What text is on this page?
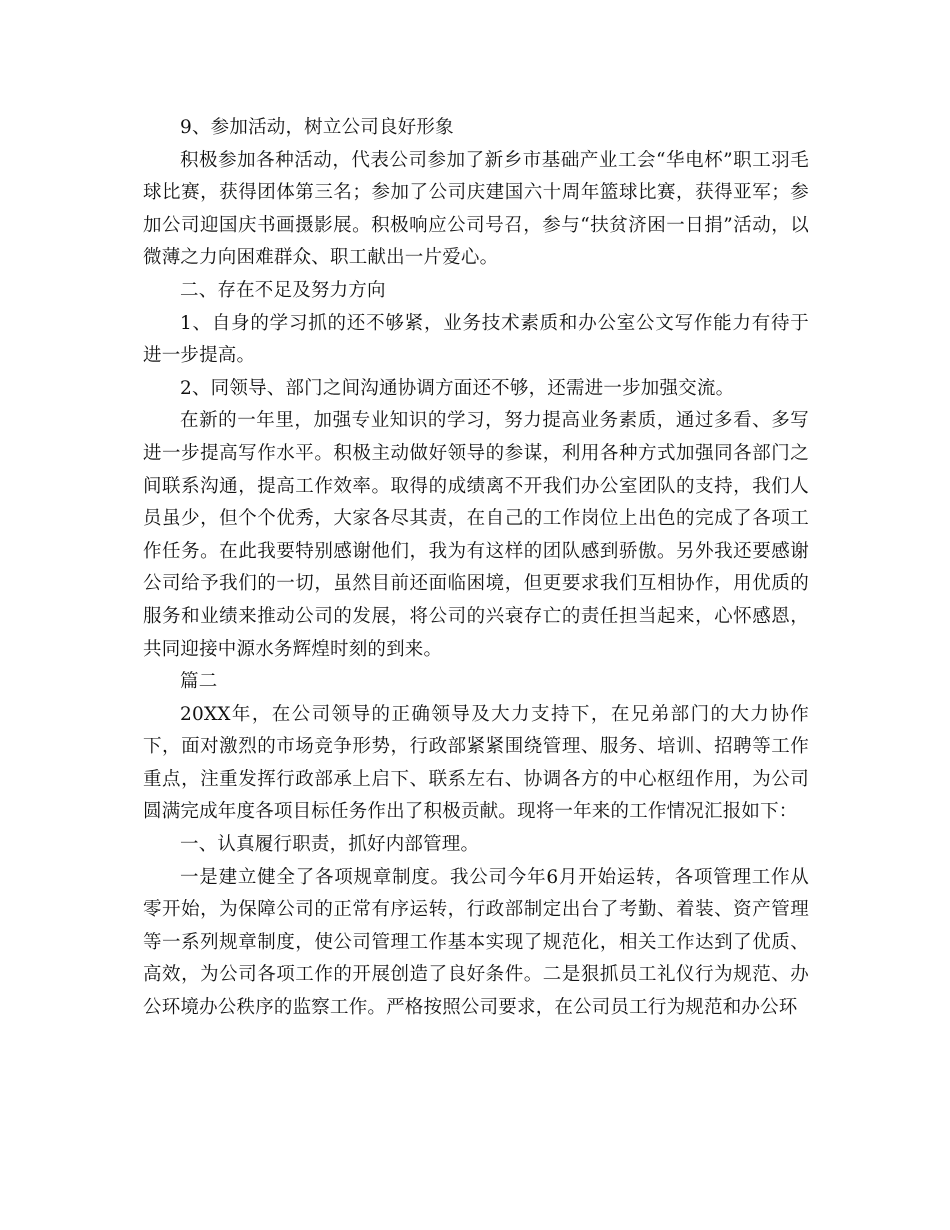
9、参加活动，树立公司良好形象

积极参加各种活动，代表公司参加了新乡市基础产业工会“华电杯”职工羽毛球比赛，获得团体第三名；参加了公司庆建国六十周年篮球比赛，获得亚军；参加公司迎国庆书画摄影展。积极响应公司号召，参与“扶贫济困一日捐”活动，以微薄之力向困难群众、职工献出一片爱心。

二、存在不足及努力方向

1、自身的学习抓的还不够紧，业务技术素质和办公室公文写作能力有待于进一步提高。

2、同领导、部门之间沟通协调方面还不够，还需进一步加强交流。

在新的一年里，加强专业知识的学习，努力提高业务素质，通过多看、多写进一步提高写作水平。积极主动做好领导的参谋，利用各种方式加强同各部门之间联系沟通，提高工作效率。取得的成绩离不开我们办公室团队的支持，我们人员虽少，但个个优秀，大家各尽其责，在自己的工作岗位上出色的完成了各项工作任务。在此我要特别感谢他们，我为有这样的团队感到骄傲。另外我还要感谢公司给予我们的一切，虽然目前还面临困境，但更要求我们互相协作，用优质的服务和业绩来推动公司的发展，将公司的兴衰存亡的责任担当起来，心怀感恩，共同迎接中源水务辉煌时刻的到来。

篇二

20XX年，在公司领导的正确领导及大力支持下，在兄弟部门的大力协作下，面对激烈的市场竞争形势，行政部紧紧围绕管理、服务、培训、招聘等工作重点，注重发挥行政部承上启下、联系左右、协调各方的中心枢纽作用，为公司圆满完成年度各项目标任务作出了积极贡献。现将一年来的工作情况汇报如下：

一、认真履行职责，抓好内部管理。

一是建立健全了各项规章制度。我公司今年6月开始运转，各项管理工作从零开始，为保障公司的正常有序运转，行政部制定出台了考勤、着装、资产管理等一系列规章制度，使公司管理工作基本实现了规范化，相关工作达到了优质、高效，为公司各项工作的开展创造了良好条件。二是狠抓员工礼仪行为规范、办公环境办公秩序的监察工作。严格按照公司要求，在公司员工行为规范和办公环
